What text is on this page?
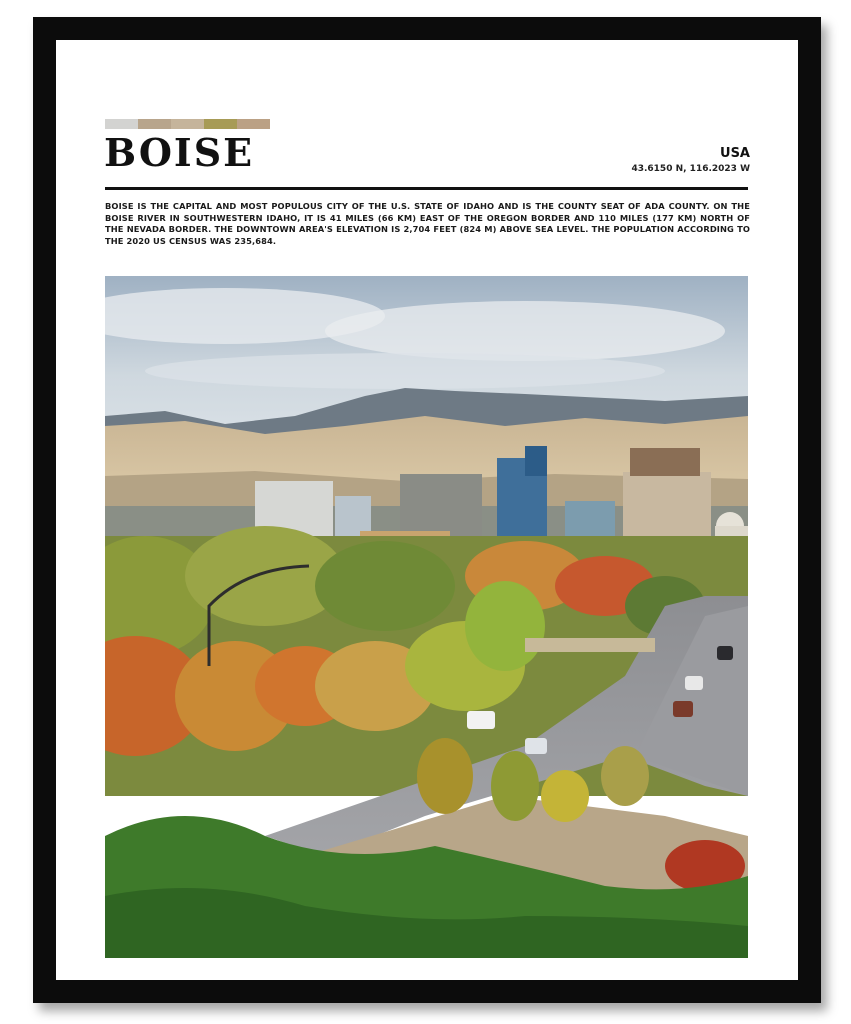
BOISE	USA
43.6150 N, 116.2023 W
BOISE IS THE CAPITAL AND MOST POPULOUS CITY OF THE U.S. STATE OF IDAHO AND IS THE COUNTY SEAT OF ADA COUNTY. ON THE BOISE RIVER IN SOUTHWESTERN IDAHO, IT IS 41 MILES (66 KM) EAST OF THE OREGON BORDER AND 110 MILES (177 KM) NORTH OF THE NEVADA BORDER. THE DOWNTOWN AREA'S ELEVATION IS 2,704 FEET (824 M) ABOVE SEA LEVEL. THE POPULATION ACCORDING TO THE 2020 US CENSUS WAS 235,684.
